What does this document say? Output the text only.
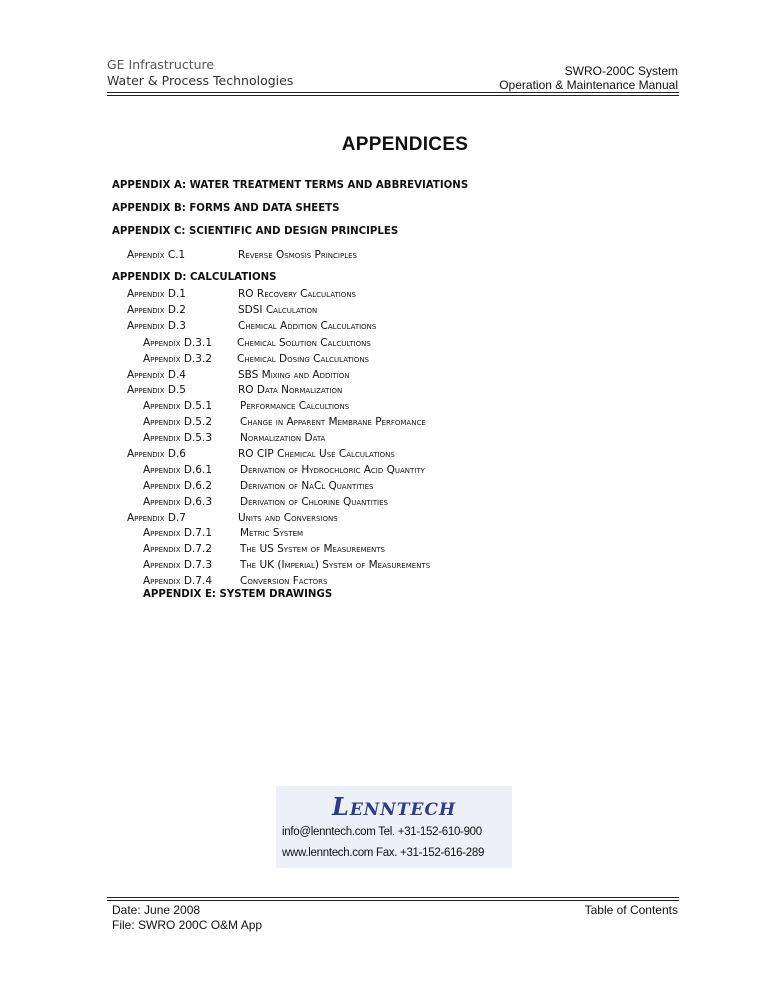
GE Infrastructure
Water & Process Technologies
SWRO-200C System
Operation & Maintenance Manual
APPENDICES
APPENDIX A: WATER TREATMENT TERMS AND ABBREVIATIONS
APPENDIX B: FORMS AND DATA SHEETS
APPENDIX C: SCIENTIFIC AND DESIGN PRINCIPLES
Appendix C.1	Reverse Osmosis Principles
APPENDIX D: CALCULATIONS
Appendix D.1	RO Recovery Calculations
Appendix D.2	SDSI Calculation
Appendix D.3	Chemical Addition Calculations
Appendix D.3.1 Chemical Solution Calcultions
Appendix D.3.2 Chemical Dosing Calculations
Appendix D.4	SBS Mixing and Addition
Appendix D.5	RO Data Normalization
Appendix D.5.1	Performance Calcultions
Appendix D.5.2	Change in Apparent Membrane Perfomance
Appendix D.5.3	Normalization Data
Appendix D.6	RO CIP Chemical Use Calculations
Appendix D.6.1	Derivation of Hydrochloric Acid Quantity
Appendix D.6.2	Derivation of NaCl Quantities
Appendix D.6.3	Derivation of Chlorine Quantities
Appendix D.7	Units and Conversions
Appendix D.7.1	Metric System
Appendix D.7.2	The US System of Measurements
Appendix D.7.3	The UK (Imperial) System of Measurements
Appendix D.7.4	Conversion Factors
APPENDIX E: SYSTEM DRAWINGS
Lenntech
info@lenntech.com Tel. +31-152-610-900
www.lenntech.com Fax. +31-152-616-289
Date: June 2008
File: SWRO 200C O&M App
Table of Contents
